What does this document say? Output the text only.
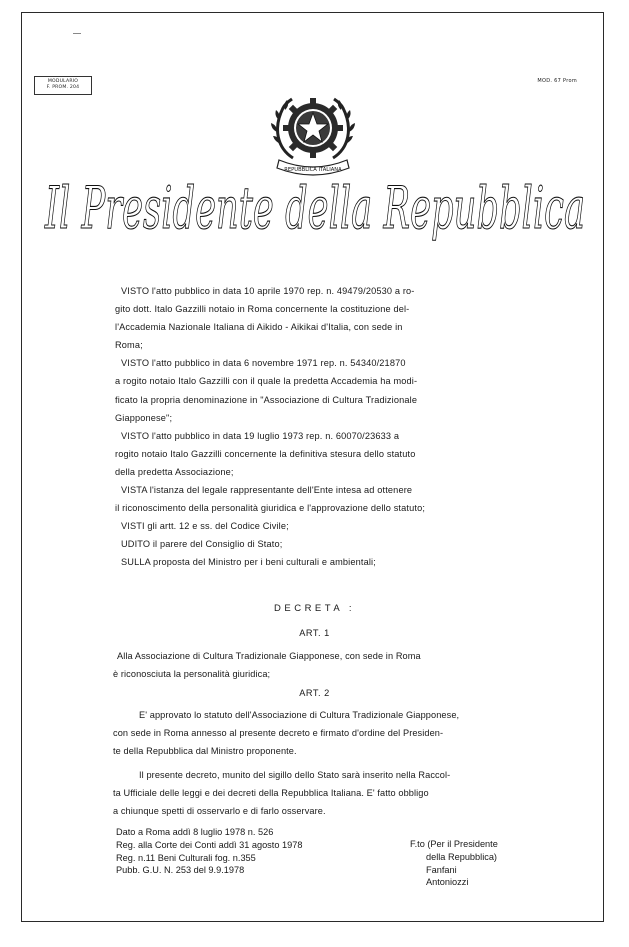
MODULARIO
F. PROM. 204
MOD. 67 Prom
REPUBBLICA ITALIANA
Il Presidente della Repubblica

VISTO l'atto pubblico in data 10 aprile 1970 rep. n. 49479/20530 a ro-

gito dott. Italo Gazzilli notaio in Roma concernente la costituzione del-

l'Accademia Nazionale Italiana di Aikido - Aikikai d'Italia, con sede in

Roma;

VISTO l'atto pubblico in data 6 novembre 1971 rep. n. 54340/21870

a rogito notaio Italo Gazzilli con il quale la predetta Accademia ha modi-

ficato la propria denominazione in "Associazione di Cultura Tradizionale

Giapponese";

VISTO l'atto pubblico in data 19 luglio 1973 rep. n. 60070/23633 a

rogito notaio Italo Gazzilli concernente la definitiva stesura dello statuto

della predetta Associazione;

VISTA l'istanza del legale rappresentante dell'Ente intesa ad ottenere

il riconoscimento della personalità giuridica e l'approvazione dello statuto;

VISTI gli artt. 12 e ss. del Codice Civile;

UDITO il parere del Consiglio di Stato;

SULLA proposta del Ministro per i beni culturali e ambientali;

DECRETA :
ART. 1

Alla Associazione di Cultura Tradizionale Giapponese, con sede in Roma

è riconosciuta la personalità giuridica;

ART. 2

E' approvato lo statuto dell'Associazione di Cultura Tradizionale Giapponese,

con sede in Roma annesso al presente decreto e firmato d'ordine del Presiden-

te della Repubblica dal Ministro proponente.

Il presente decreto, munito del sigillo dello Stato sarà inserito nella Raccol-

ta Ufficiale delle leggi e dei decreti della Repubblica Italiana. E' fatto obbligo

a chiunque spetti di osservarlo e di farlo osservare.

Dato a Roma addì 8 luglio 1978 n. 526
Reg. alla Corte dei Conti addì 31 agosto 1978
Reg. n.11 Beni Culturali fog. n.355
Pubb. G.U. N. 253 del 9.9.1978
F.to (Per il Presidente
della Repubblica)
Fanfani
Antoniozzi
